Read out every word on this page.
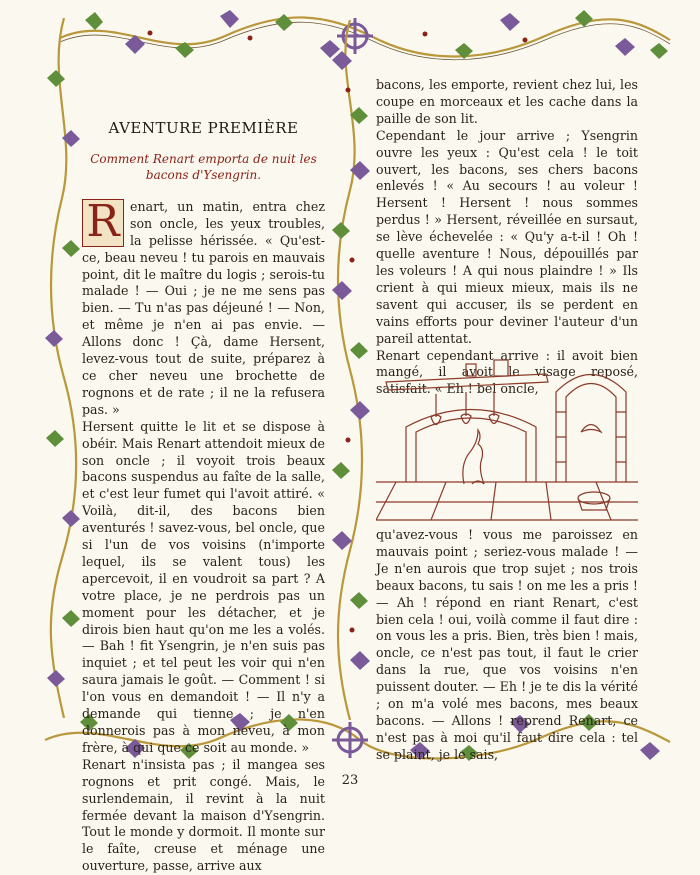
AVENTURE PREMIÈRE
Comment Renart emporta de nuit les bacons d'Ysengrin.

R enart, un matin, entra chez son oncle, les yeux troubles, la pelisse hérissée. « Qu'est-ce, beau neveu ! tu parois en mauvais point, dit le maître du logis ; serois-tu malade ! — Oui ; je ne me sens pas bien. — Tu n'as pas déjeuné ! — Non, et même je n'en ai pas envie. — Allons donc ! Çà, dame Hersent, levez-vous tout de suite, préparez à ce cher neveu une brochette de rognons et de rate ; il ne la refusera pas. »

Hersent quitte le lit et se dispose à obéir. Mais Renart attendoit mieux de son oncle ; il voyoit trois beaux bacons suspendus au faîte de la salle, et c'est leur fumet qui l'avoit attiré. « Voilà, dit-il, des bacons bien aventurés ! savez-vous, bel oncle, que si l'un de vos voisins (n'importe lequel, ils se valent tous) les apercevoit, il en voudroit sa part ? A votre place, je ne perdrois pas un moment pour les détacher, et je dirois bien haut qu'on me les a volés. — Bah ! fit Ysengrin, je n'en suis pas inquiet ; et tel peut les voir qui n'en saura jamais le goût. — Comment ! si l'on vous en demandoit ! — Il n'y a demande qui tienne ; je n'en donnerois pas à mon neveu, à mon frère, à qui que ce soit au monde. »

Renart n'insista pas ; il mangea ses rognons et prit congé. Mais, le surlendemain, il revint à la nuit fermée devant la maison d'Ysengrin. Tout le monde y dormoit. Il monte sur le faîte, creuse et ménage une ouverture, passe, arrive aux

bacons, les emporte, revient chez lui, les coupe en morceaux et les cache dans la paille de son lit.

Cependant le jour arrive ; Ysengrin ouvre les yeux : Qu'est cela ! le toit ouvert, les bacons, ses chers bacons enlevés ! « Au secours ! au voleur ! Hersent ! Hersent ! nous sommes perdus ! » Hersent, réveillée en sursaut, se lève échevelée : « Qu'y a-t-il ! Oh ! quelle aventure ! Nous, dépouillés par les voleurs ! A qui nous plaindre ! » Ils crient à qui mieux mieux, mais ils ne savent qui accuser, ils se perdent en vains efforts pour deviner l'auteur d'un pareil attentat.

Renart cependant arrive : il avoit bien mangé, il avoit le visage reposé, satisfait. « Eh ! bel oncle,

qu'avez-vous ! vous me paroissez en mauvais point ; seriez-vous malade ! — Je n'en aurois que trop sujet ; nos trois beaux bacons, tu sais ! on me les a pris ! — Ah ! répond en riant Renart, c'est bien cela ! oui, voilà comme il faut dire : on vous les a pris. Bien, très bien ! mais, oncle, ce n'est pas tout, il faut le crier dans la rue, que vos voisins n'en puissent douter. — Eh ! je te dis la vérité ; on m'a volé mes bacons, mes beaux bacons. — Allons ! reprend Renart, ce n'est pas à moi qu'il faut dire cela : tel se plaint, je le sais,

23
